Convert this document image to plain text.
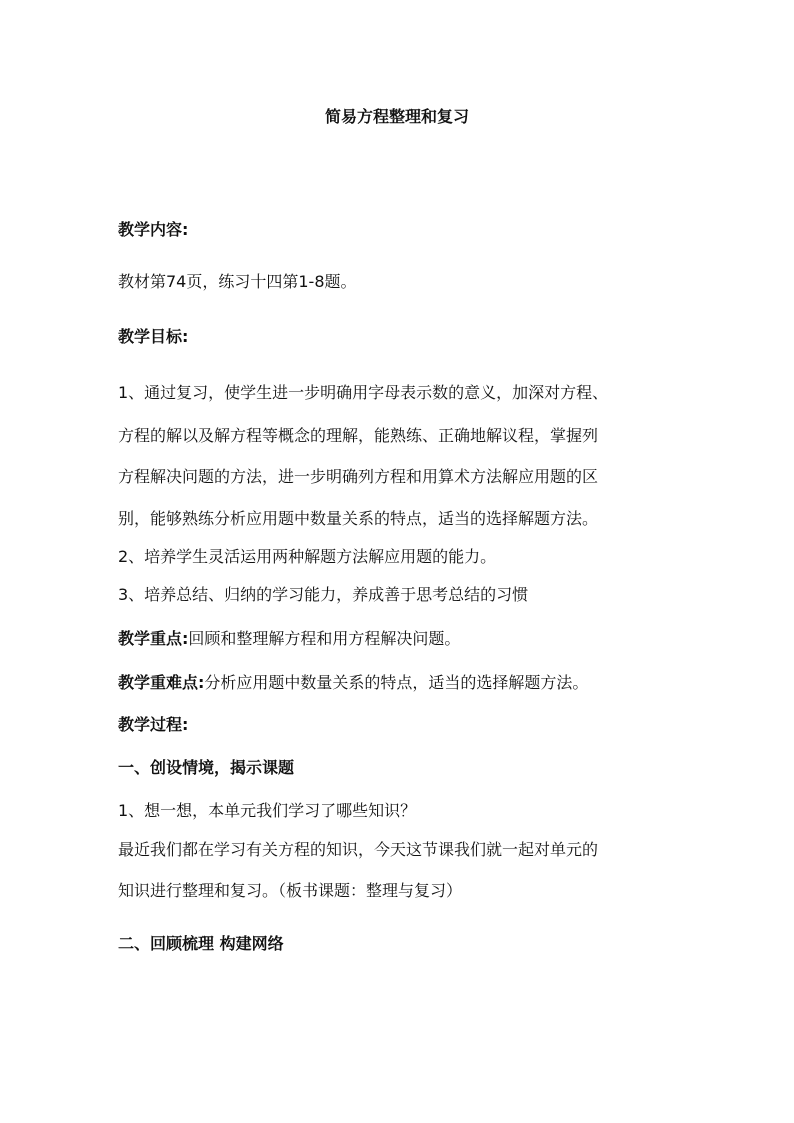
简易方程整理和复习
教学内容:
教材第74页，练习十四第1-8题。
教学目标:
1、通过复习，使学生进一步明确用字母表示数的意义，加深对方程、
方程的解以及解方程等概念的理解，能熟练、正确地解议程，掌握列
方程解决问题的方法，进一步明确列方程和用算术方法解应用题的区
别，能够熟练分析应用题中数量关系的特点，适当的选择解题方法。
2、培养学生灵活运用两种解题方法解应用题的能力。
3、培养总结、归纳的学习能力，养成善于思考总结的习惯
教学重点:回顾和整理解方程和用方程解决问题。
教学重难点:分析应用题中数量关系的特点，适当的选择解题方法。
教学过程:
一、创设情境，揭示课题
1、想一想，本单元我们学习了哪些知识？
最近我们都在学习有关方程的知识，今天这节课我们就一起对单元的
知识进行整理和复习。（板书课题：整理与复习）
二、回顾梳理 构建网络
